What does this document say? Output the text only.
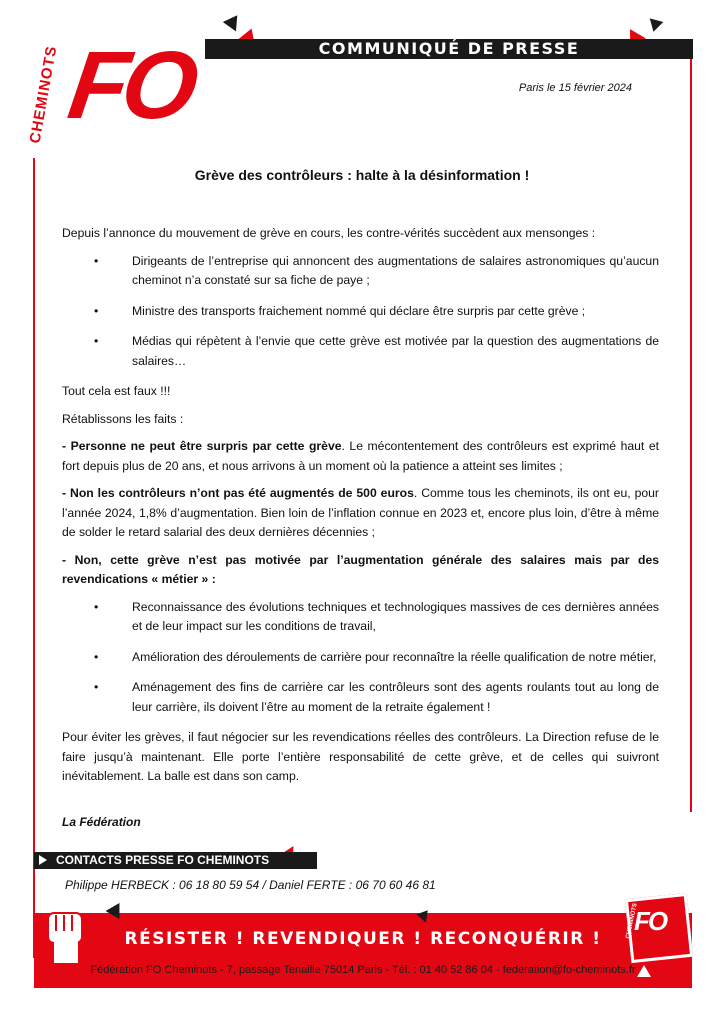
CHEMINOTS FO	COMMUNIQUÉ DE PRESSE
Paris le 15 février 2024
Grève des contrôleurs : halte à la désinformation !

Depuis l’annonce du mouvement de grève en cours, les contre-vérités succèdent aux mensonges :

• Dirigeants de l’entreprise qui annoncent des augmentations de salaires astronomiques qu’aucun cheminot n’a constaté sur sa fiche de paye ;
• Ministre des transports fraichement nommé qui déclare être surpris par cette grève ;
• Médias qui répètent à l’envie que cette grève est motivée par la question des augmentations de salaires…

Tout cela est faux !!!

Rétablissons les faits :

- Personne ne peut être surpris par cette grève. Le mécontentement des contrôleurs est exprimé haut et fort depuis plus de 20 ans, et nous arrivons à un moment où la patience a atteint ses limites ;

- Non les contrôleurs n’ont pas été augmentés de 500 euros. Comme tous les cheminots, ils ont eu, pour l’année 2024, 1,8% d’augmentation. Bien loin de l’inflation connue en 2023 et, encore plus loin, d’être à même de solder le retard salarial des deux dernières décennies ;

- Non, cette grève n’est pas motivée par l’augmentation générale des salaires mais par des revendications « métier » :

• Reconnaissance des évolutions techniques et technologiques massives de ces dernières années et de leur impact sur les conditions de travail,
• Amélioration des déroulements de carrière pour reconnaître la réelle qualification de notre métier,
• Aménagement des fins de carrière car les contrôleurs sont des agents roulants tout au long de leur carrière, ils doivent l’être au moment de la retraite également !

Pour éviter les grèves, il faut négocier sur les revendications réelles des contrôleurs. La Direction refuse de le faire jusqu’à maintenant. Elle porte l’entière responsabilité de cette grève, et de celles qui suivront inévitablement. La balle est dans son camp.

La Fédération
CONTACTS PRESSE FO CHEMINOTS
Philippe HERBECK : 06 18 80 59 54 / Daniel FERTE : 06 70 60 46 81
RÉSISTER ! REVENDIQUER ! RECONQUÉRIR !
Fédération FO Cheminots - 7, passage Tenaille 75014 Paris - Tél. : 01 40 52 86 04 - federation@fo-cheminots.fr
CHEMINOTS
FO
